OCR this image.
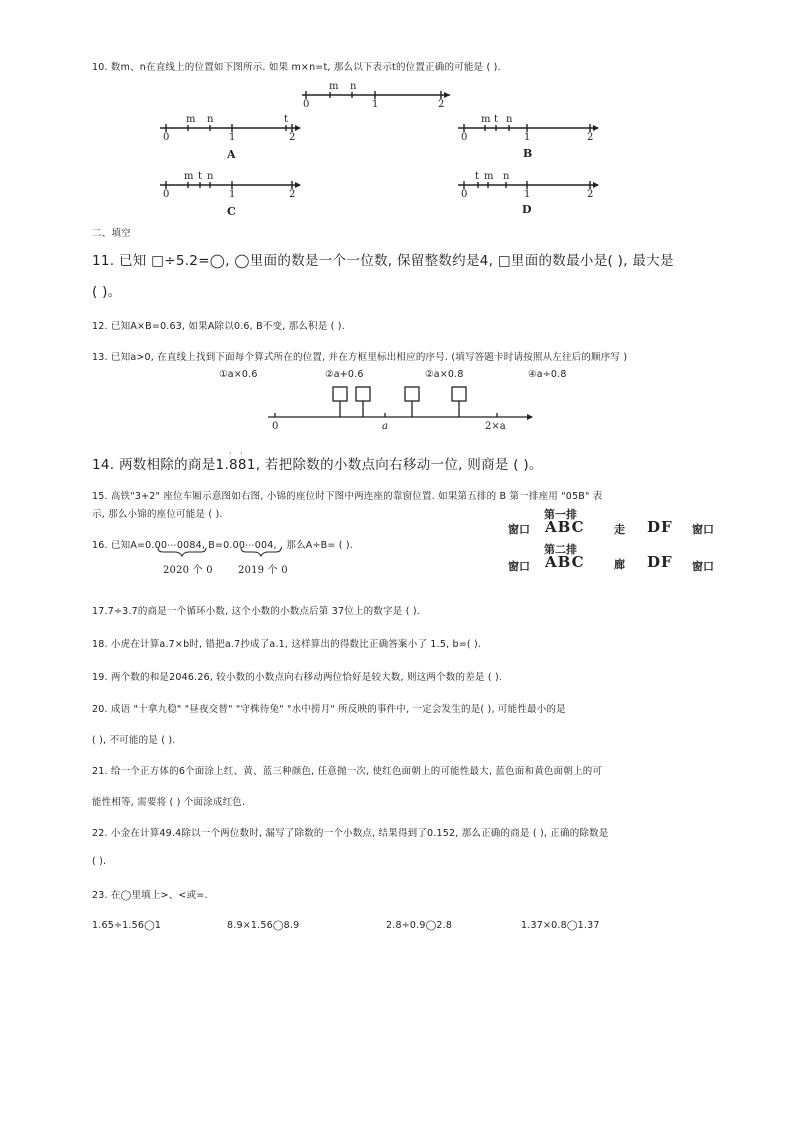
10. 数m、n在直线上的位置如下图所示. 如果 m×n=t, 那么以下表示t的位置正确的可能是 ( ).
m n
0	1	2
m n	t
0	1	2
A
m t n
0	1	2
B
m t n
0	1	2
C
t m n
0	1	2
D
二、填空
11. 已知 □÷5.2=◯, ◯里面的数是一个一位数, 保留整数约是4, □里面的数最小是( ), 最大是
( )。
12. 已知A×B=0.63, 如果A除以0.6, B不变, 那么积是 ( ).
13. 已知a>0, 在直线上找到下面每个算式所在的位置, 并在方框里标出相应的序号. (填写答题卡时请按照从左往后的顺序写 )
①a×0.6	②a+0.6	②a×0.8	④a÷0.8
0	a	2×a
14. 两数相除的商是1.
· ·
881, 若把除数的小数点向右移动一位, 则商是 ( )。
15. 高铁"3+2" 座位车厢示意图如右图, 小锦的座位时下图中两连座的靠窗位置. 如果第五排的 B 第一排座用 "05B" 表
示, 那么小锦的座位可能是 ( ).	第一排
窗口 ABC	走 DF 窗口
第二排
窗口 ABC	廊 DF 窗口
16. 已知A=0.00⋯0084, B=0.00⋯004, , 那么A÷B= ( ).
2020 个 0	2019 个 0
17.7÷3.7的商是一个循环小数, 这个小数的小数点后第 37位上的数字是 ( ).
18. 小虎在计算a.7×b时, 错把a.7抄成了a.1, 这样算出的得数比正确答案小了 1.5, b=( ).
19. 两个数的和是2046.26, 较小数的小数点向右移动两位恰好是较大数, 则这两个数的差是 ( ).
20. 成语 "十拿九稳" "昼夜交替" "守株待兔" "水中捞月" 所反映的事件中, 一定会发生的是( ), 可能性最小的是
( ), 不可能的是 ( ).
21. 给一个正方体的6个面涂上红、黄、蓝三种颜色, 任意抛一次, 使红色面朝上的可能性最大, 蓝色面和黄色面朝上的可
能性相等, 需要将 ( ) 个面涂成红色.
22. 小金在计算49.4除以一个两位数时, 漏写了除数的一个小数点, 结果得到了0.152, 那么正确的商是 ( ), 正确的除数是
( ).
23. 在◯里填上>、<或=.
1.65÷1.56◯1	8.9×1.56◯8.9	2.8÷0.9◯2.8	1.37×0.8◯1.37
